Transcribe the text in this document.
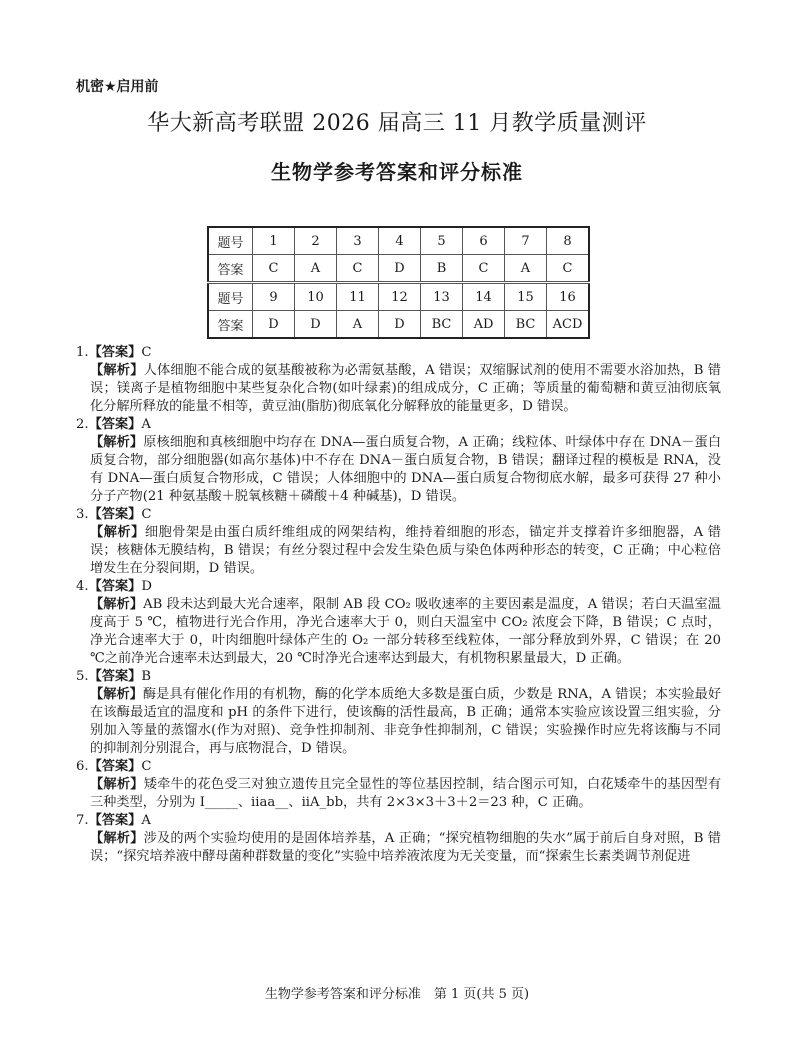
机密★启用前
华大新高考联盟 2026 届高三 11 月教学质量测评
生物学参考答案和评分标准
题号	1	2	3	4	5	6	7	8
答案	C	A	C	D	B	C	A	C
题号	9	10	11	12	13	14	15	16
答案	D	D	A	D	BC	AD	BC	ACD
1.【答案】C
【解析】人体细胞不能合成的氨基酸被称为必需氨基酸，A 错误；双缩脲试剂的使用不需要水浴加热，B 错误；镁离子是植物细胞中某些复杂化合物(如叶绿素)的组成成分，C 正确；等质量的葡萄糖和黄豆油彻底氧化分解所释放的能量不相等，黄豆油(脂肪)彻底氧化分解释放的能量更多，D 错误。
2.【答案】A
【解析】原核细胞和真核细胞中均存在 DNA—蛋白质复合物，A 正确；线粒体、叶绿体中存在 DNA－蛋白质复合物，部分细胞器(如高尔基体)中不存在 DNA－蛋白质复合物，B 错误；翻译过程的模板是 RNA，没有 DNA—蛋白质复合物形成，C 错误；人体细胞中的 DNA—蛋白质复合物彻底水解，最多可获得 27 种小分子产物(21 种氨基酸＋脱氧核糖＋磷酸＋4 种碱基)，D 错误。
3.【答案】C
【解析】细胞骨架是由蛋白质纤维组成的网架结构，维持着细胞的形态，锚定并支撑着许多细胞器，A 错误；核糖体无膜结构，B 错误；有丝分裂过程中会发生染色质与染色体两种形态的转变，C 正确；中心粒倍增发生在分裂间期，D 错误。
4.【答案】D
【解析】AB 段未达到最大光合速率，限制 AB 段 CO₂ 吸收速率的主要因素是温度，A 错误；若白天温室温度高于 5 ℃，植物进行光合作用，净光合速率大于 0，则白天温室中 CO₂ 浓度会下降，B 错误；C 点时，净光合速率大于 0，叶肉细胞叶绿体产生的 O₂ 一部分转移至线粒体，一部分释放到外界，C 错误；在 20 ℃之前净光合速率未达到最大，20 ℃时净光合速率达到最大，有机物积累量最大，D 正确。
5.【答案】B
【解析】酶是具有催化作用的有机物，酶的化学本质绝大多数是蛋白质，少数是 RNA，A 错误；本实验最好在该酶最适宜的温度和 pH 的条件下进行，使该酶的活性最高，B 正确；通常本实验应该设置三组实验，分别加入等量的蒸馏水(作为对照)、竞争性抑制剂、非竞争性抑制剂，C 错误；实验操作时应先将该酶与不同的抑制剂分别混合，再与底物混合，D 错误。
6.【答案】C
【解析】矮牵牛的花色受三对独立遗传且完全显性的等位基因控制，结合图示可知，白花矮牵牛的基因型有三种类型，分别为 I_____、iiaa__、iiA_bb，共有 2×3×3＋3＋2＝23 种，C 正确。
7.【答案】A
【解析】涉及的两个实验均使用的是固体培养基，A 正确；“探究植物细胞的失水”属于前后自身对照，B 错误；“探究培养液中酵母菌种群数量的变化”实验中培养液浓度为无关变量，而“探索生长素类调节剂促进
生物学参考答案和评分标准　第 1 页(共 5 页)
